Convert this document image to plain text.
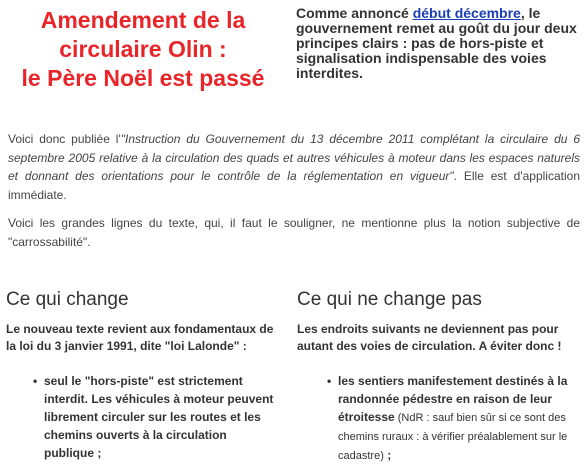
Amendement de la
circulaire Olin :
le Père Noël est passé
Comme annoncé début décembre, le gouvernement remet au goût du jour deux principes clairs : pas de hors-piste et signalisation indispensable des voies interdites.
Voici donc publiée l'"Instruction du Gouvernement du 13 décembre 2011 complétant la circulaire du 6 septembre 2005 relative à la circulation des quads et autres véhicules à moteur dans les espaces naturels et donnant des orientations pour le contrôle de la réglementation en vigueur". Elle est d'application immédiate.
Voici les grandes lignes du texte, qui, il faut le souligner, ne mentionne plus la notion subjective de "carrossabilité".
Ce qui change
Le nouveau texte revient aux fondamentaux de la loi du 3 janvier 1991, dite "loi Lalonde" :
• seul le "hors-piste" est strictement interdit. Les véhicules à moteur peuvent librement circuler sur les routes et les chemins ouverts à la circulation publique ;
Ce qui ne change pas
Les endroits suivants ne deviennent pas pour autant des voies de circulation. A éviter donc !
• les sentiers manifestement destinés à la randonnée pédestre en raison de leur étroitesse (NdR : sauf bien sûr si ce sont des chemins ruraux : à vérifier préalablement sur le cadastre) ;
